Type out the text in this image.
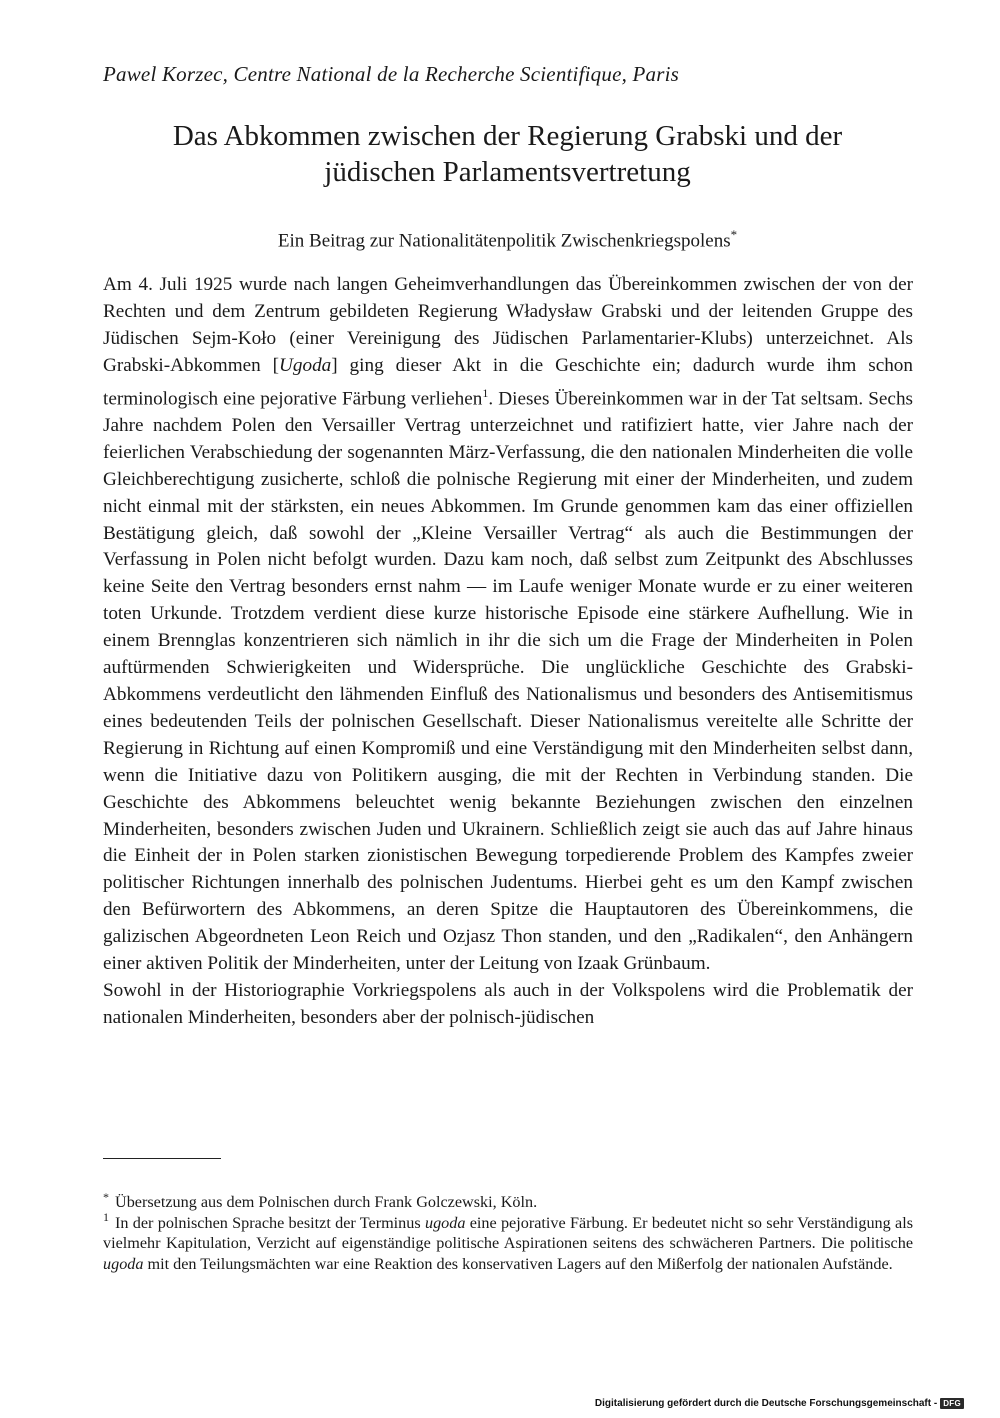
Pawel Korzec, Centre National de la Recherche Scientifique, Paris
Das Abkommen zwischen der Regierung Grabski und der
jüdischen Parlamentsvertretung
Ein Beitrag zur Nationalitätenpolitik Zwischenkriegspolens*

Am 4. Juli 1925 wurde nach langen Geheimverhandlungen das Übereinkommen zwischen der von der Rechten und dem Zentrum gebildeten Regierung Władysław Grabski und der leitenden Gruppe des Jüdischen Sejm-Koło (einer Vereinigung des Jüdischen Parlamentarier-Klubs) unterzeichnet. Als Grabski-Abkommen [Ugoda] ging dieser Akt in die Geschichte ein; dadurch wurde ihm schon terminologisch eine pejorative Färbung verliehen$^1$. Dieses Übereinkommen war in der Tat seltsam. Sechs Jahre nachdem Polen den Versailler Vertrag unterzeichnet und ratifiziert hatte, vier Jahre nach der feierlichen Verabschiedung der sogenannten März-Verfassung, die den nationalen Minderheiten die volle Gleichberechtigung zusicherte, schloß die polnische Regierung mit einer der Minderheiten, und zudem nicht einmal mit der stärksten, ein neues Abkommen. Im Grunde genommen kam das einer offiziellen Bestätigung gleich, daß sowohl der „Kleine Versailler Vertrag“ als auch die Bestimmungen der Verfassung in Polen nicht befolgt wurden. Dazu kam noch, daß selbst zum Zeitpunkt des Abschlusses keine Seite den Vertrag besonders ernst nahm — im Laufe weniger Monate wurde er zu einer weiteren toten Urkunde. Trotzdem verdient diese kurze historische Episode eine stärkere Aufhellung. Wie in einem Brennglas konzentrieren sich nämlich in ihr die sich um die Frage der Minderheiten in Polen auftürmenden Schwierigkeiten und Widersprüche. Die unglückliche Geschichte des Grabski-Abkommens verdeutlicht den lähmenden Einfluß des Nationalismus und besonders des Antisemitismus eines bedeutenden Teils der polnischen Gesellschaft. Dieser Nationalismus vereitelte alle Schritte der Regierung in Richtung auf einen Kompromiß und eine Verständigung mit den Minderheiten selbst dann, wenn die Initiative dazu von Politikern ausging, die mit der Rechten in Verbindung standen. Die Geschichte des Abkommens beleuchtet wenig bekannte Beziehungen zwischen den einzelnen Minderheiten, besonders zwischen Juden und Ukrainern. Schließlich zeigt sie auch das auf Jahre hinaus die Einheit der in Polen starken zionistischen Bewegung torpedierende Problem des Kampfes zweier politischer Richtungen innerhalb des polnischen Judentums. Hierbei geht es um den Kampf zwischen den Befürwortern des Abkommens, an deren Spitze die Hauptautoren des Übereinkommens, die galizischen Abgeordneten Leon Reich und Ozjasz Thon standen, und den „Radikalen“, den Anhängern einer aktiven Politik der Minderheiten, unter der Leitung von Izaak Grünbaum.

Sowohl in der Historiographie Vorkriegspolens als auch in der Volkspolens wird die Problematik der nationalen Minderheiten, besonders aber der polnisch-jüdischen

* Übersetzung aus dem Polnischen durch Frank Golczewski, Köln.

$^1$ In der polnischen Sprache besitzt der Terminus ugoda eine pejorative Färbung. Er bedeutet nicht so sehr Verständigung als vielmehr Kapitulation, Verzicht auf eigenständige politische Aspirationen seitens des schwächeren Partners. Die politische ugoda mit den Teilungsmächten war eine Reaktion des konservativen Lagers auf den Mißerfolg der nationalen Aufstände.

Digitalisierung gefördert durch die Deutsche Forschungsgemeinschaft - DFG
